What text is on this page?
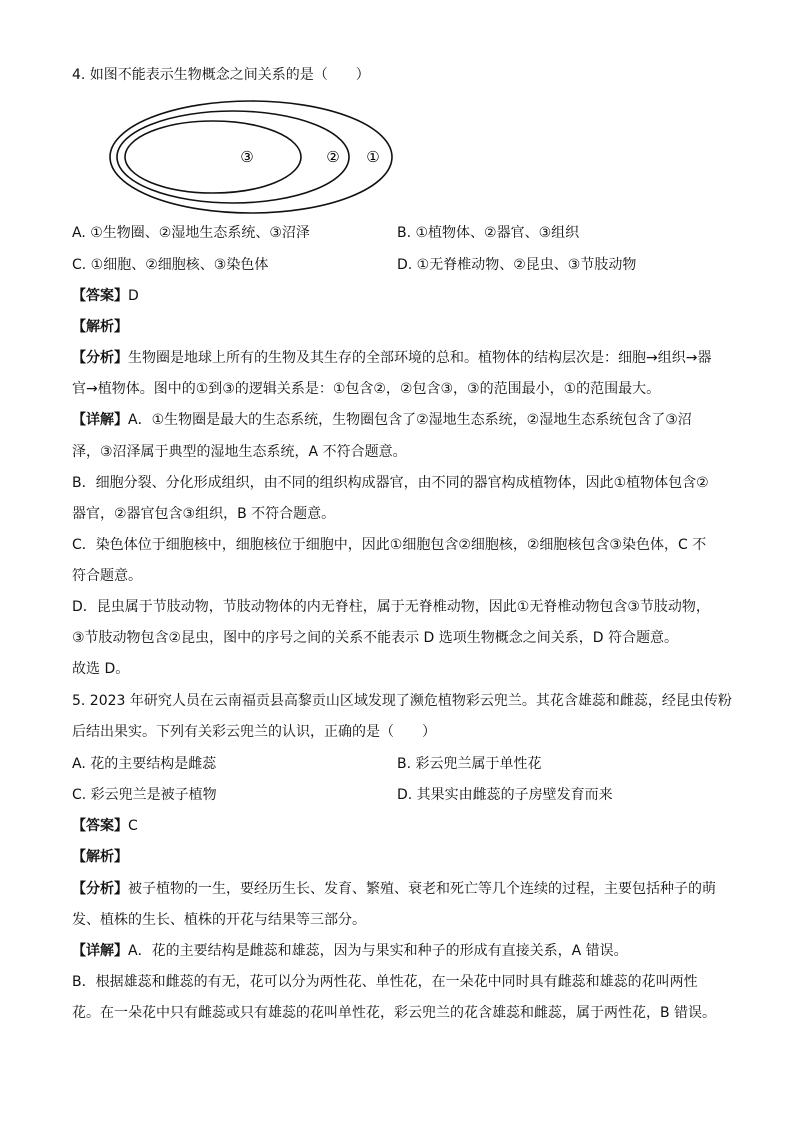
4. 如图不能表示生物概念之间关系的是（　　）
③	② ①
A. ①生物圈、②湿地生态系统、③沼泽	B. ①植物体、②器官、③组织
C. ①细胞、②细胞核、③染色体	D. ①无脊椎动物、②昆虫、③节肢动物
【答案】D
【解析】
【分析】生物圈是地球上所有的生物及其生存的全部环境的总和。植物体的结构层次是：细胞→组织→器
官→植物体。图中的①到③的逻辑关系是：①包含②，②包含③，③的范围最小，①的范围最大。
【详解】A．①生物圈是最大的生态系统，生物圈包含了②湿地生态系统，②湿地生态系统包含了③沼
泽，③沼泽属于典型的湿地生态系统，A 不符合题意。
B．细胞分裂、分化形成组织，由不同的组织构成器官，由不同的器官构成植物体，因此①植物体包含②
器官，②器官包含③组织，B 不符合题意。
C．染色体位于细胞核中，细胞核位于细胞中，因此①细胞包含②细胞核，②细胞核包含③染色体，C 不
符合题意。
D．昆虫属于节肢动物，节肢动物体的内无脊柱，属于无脊椎动物，因此①无脊椎动物包含③节肢动物，
③节肢动物包含②昆虫，图中的序号之间的关系不能表示 D 选项生物概念之间关系，D 符合题意。
故选 D。
5. 2023 年研究人员在云南福贡县高黎贡山区域发现了濒危植物彩云兜兰。其花含雄蕊和雌蕊，经昆虫传粉
后结出果实。下列有关彩云兜兰的认识，正确的是（　　）
A. 花的主要结构是雌蕊	B. 彩云兜兰属于单性花
C. 彩云兜兰是被子植物	D. 其果实由雌蕊的子房壁发育而来
【答案】C
【解析】
【分析】被子植物的一生，要经历生长、发育、繁殖、衰老和死亡等几个连续的过程，主要包括种子的萌
发、植株的生长、植株的开花与结果等三部分。
【详解】A．花的主要结构是雌蕊和雄蕊，因为与果实和种子的形成有直接关系，A 错误。
B．根据雄蕊和雌蕊的有无，花可以分为两性花、单性花，在一朵花中同时具有雌蕊和雄蕊的花叫两性
花。在一朵花中只有雌蕊或只有雄蕊的花叫单性花，彩云兜兰的花含雄蕊和雌蕊，属于两性花，B 错误。
